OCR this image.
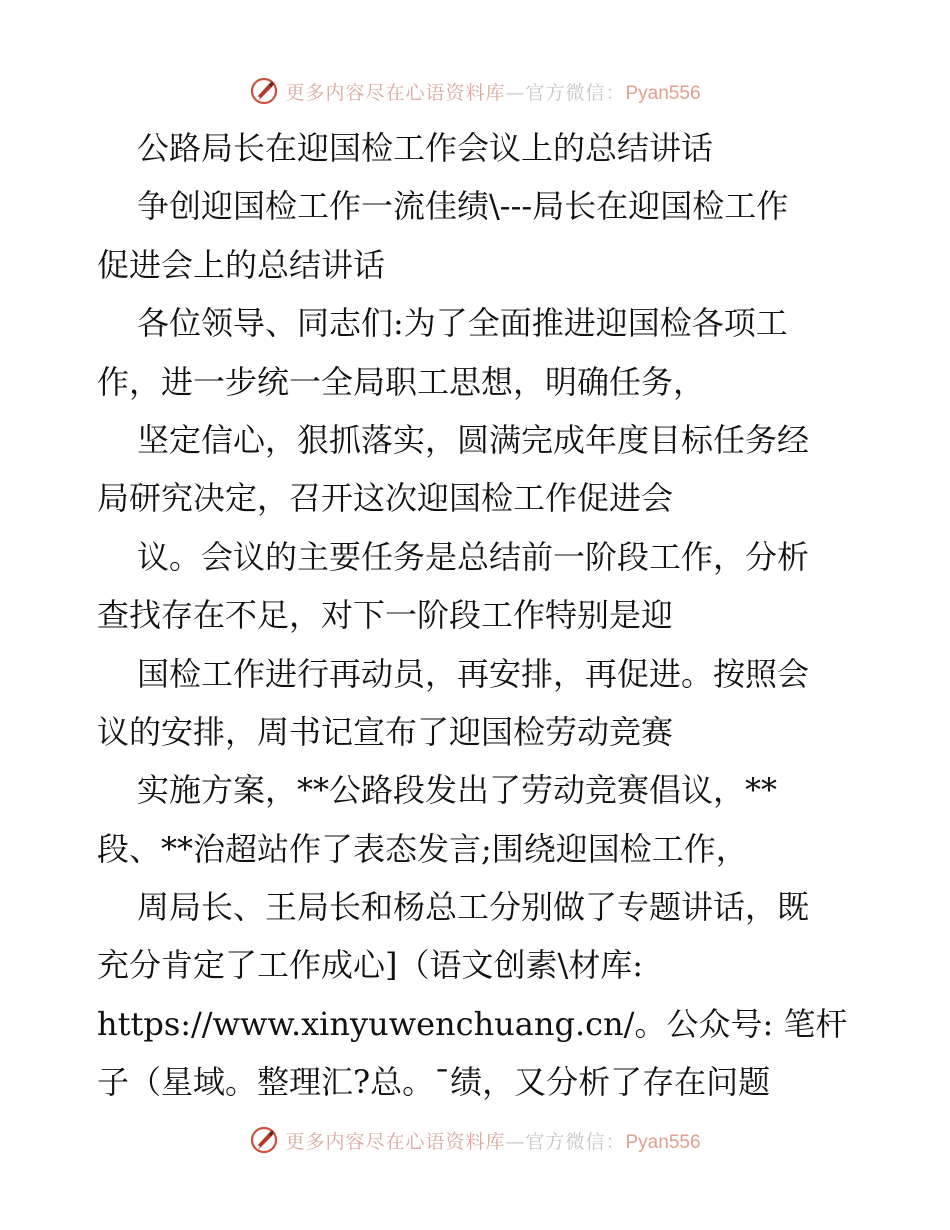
更多内容尽在心语资料库—官方微信：Pyan556
公路局长在迎国检工作会议上的总结讲话
争创迎国检工作一流佳绩\---局长在迎国检工作
促进会上的总结讲话
各位领导、同志们:为了全面推进迎国检各项工
作，进一步统一全局职工思想，明确任务，
坚定信心，狠抓落实，圆满完成年度目标任务经
局研究决定，召开这次迎国检工作促进会
议。会议的主要任务是总结前一阶段工作，分析
查找存在不足，对下一阶段工作特别是迎
国检工作进行再动员，再安排，再促进。按照会
议的安排，周书记宣布了迎国检劳动竞赛
实施方案，**公路段发出了劳动竞赛倡议，**
段、**治超站作了表态发言;围绕迎国检工作，
周局长、王局长和杨总工分别做了专题讲话，既
充分肯定了工作成心]（语文创素\材库:
https://www.xinyuwenchuang.cn/。公众号: 笔杆
子（星域。整理汇?总。¯绩，又分析了存在问题
更多内容尽在心语资料库—官方微信：Pyan556
